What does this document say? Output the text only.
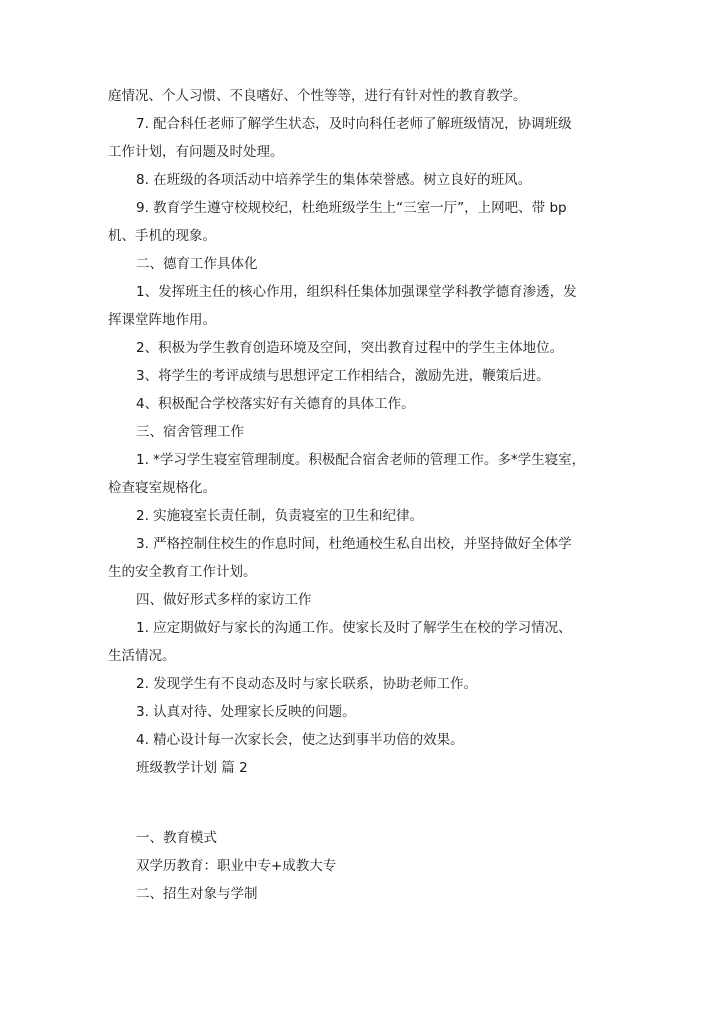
庭情况、个人习惯、不良嗜好、个性等等，进行有针对性的教育教学。
7. 配合科任老师了解学生状态，及时向科任老师了解班级情况，协调班级
工作计划，有问题及时处理。
8. 在班级的各项活动中培养学生的集体荣誉感。树立良好的班风。
9. 教育学生遵守校规校纪，杜绝班级学生上“三室一厅”，上网吧、带 bp
机、手机的现象。
二、德育工作具体化
1、发挥班主任的核心作用，组织科任集体加强课堂学科教学德育渗透，发
挥课堂阵地作用。
2、积极为学生教育创造环境及空间，突出教育过程中的学生主体地位。
3、将学生的考评成绩与思想评定工作相结合，激励先进，鞭策后进。
4、积极配合学校落实好有关德育的具体工作。
三、宿舍管理工作
1. *学习学生寝室管理制度。积极配合宿舍老师的管理工作。多*学生寝室，
检查寝室规格化。
2. 实施寝室长责任制，负责寝室的卫生和纪律。
3. 严格控制住校生的作息时间，杜绝通校生私自出校，并坚持做好全体学
生的安全教育工作计划。
四、做好形式多样的家访工作
1. 应定期做好与家长的沟通工作。使家长及时了解学生在校的学习情况、
生活情况。
2. 发现学生有不良动态及时与家长联系，协助老师工作。
3. 认真对待、处理家长反映的问题。
4. 精心设计每一次家长会，使之达到事半功倍的效果。
班级教学计划 篇 2
一、教育模式
双学历教育：职业中专+成教大专
二、招生对象与学制
